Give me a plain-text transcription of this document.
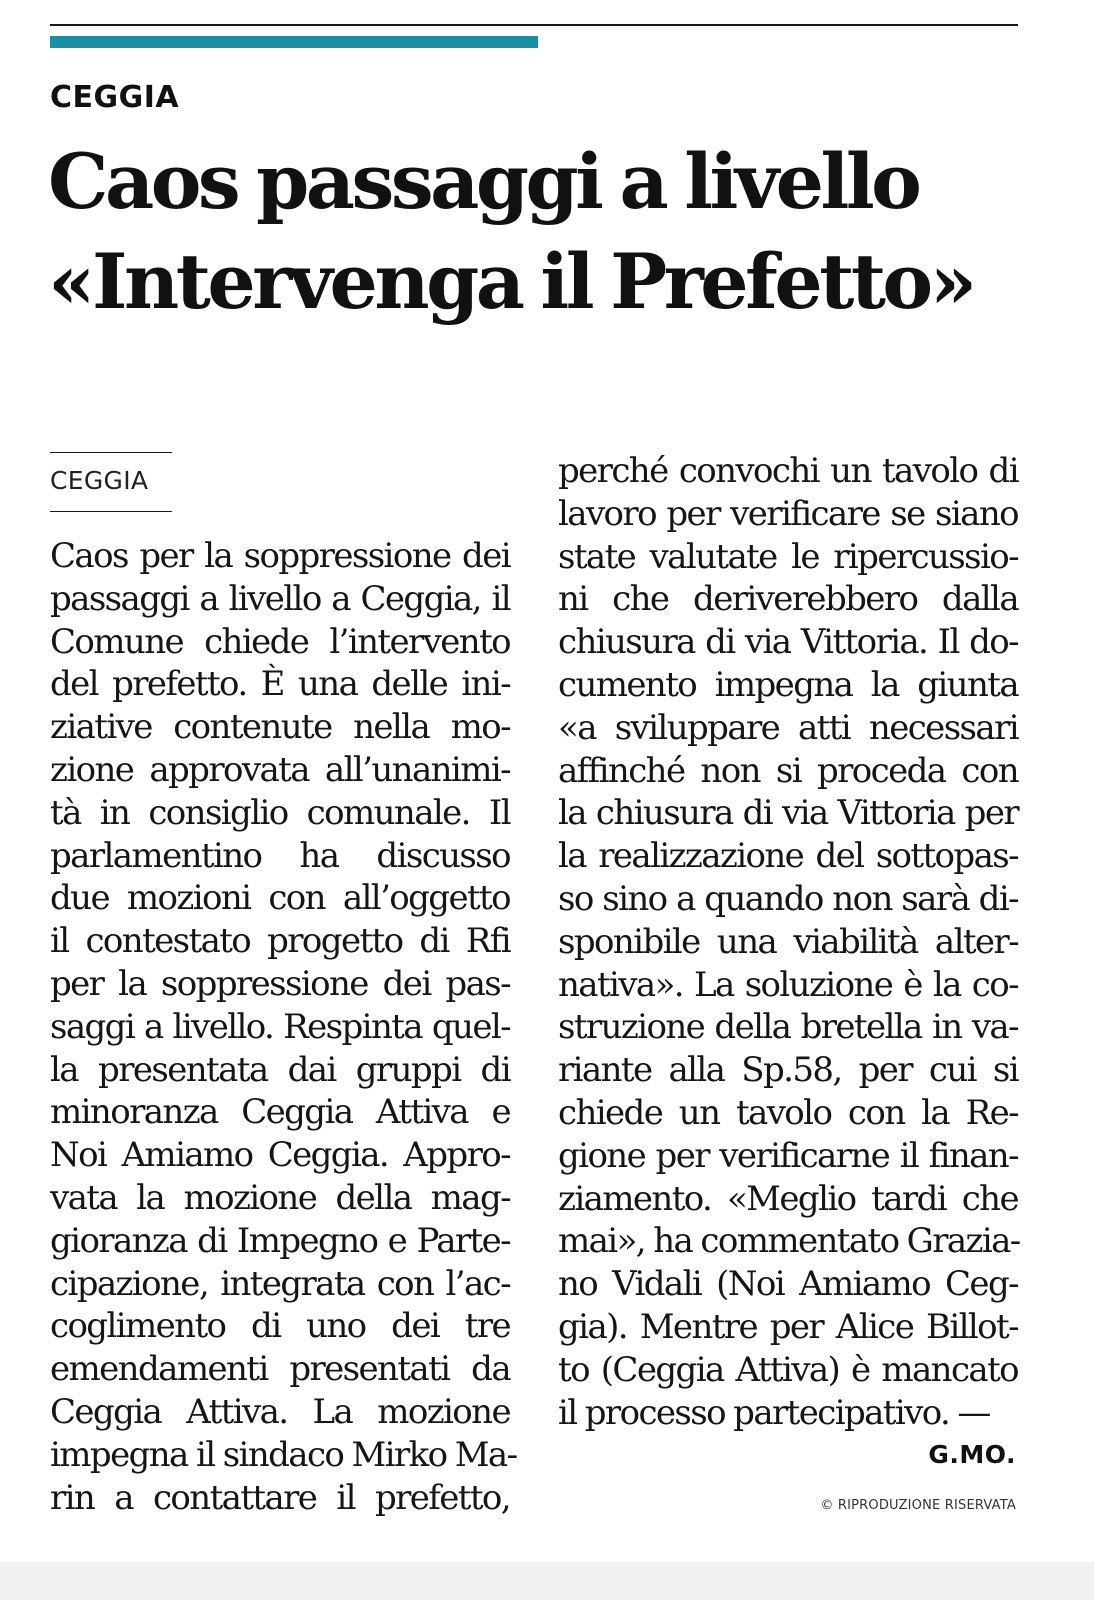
CEGGIA
Caos passaggi a livello
«Intervenga il Prefetto»
CEGGIA
Caos per la soppressione dei
passaggi a livello a Ceggia, il
Comune chiede l’intervento
del prefetto. È una delle ini-
ziative contenute nella mo-
zione approvata all’unanimi-
tà in consiglio comunale. Il
parlamentino ha discusso
due mozioni con all’oggetto
il contestato progetto di Rfi
per la soppressione dei pas-
saggi a livello. Respinta quel-
la presentata dai gruppi di
minoranza Ceggia Attiva e
Noi Amiamo Ceggia. Appro-
vata la mozione della mag-
gioranza di Impegno e Parte-
cipazione, integrata con l’ac-
coglimento di uno dei tre
emendamenti presentati da
Ceggia Attiva. La mozione
impegna il sindaco Mirko Ma-
rin a contattare il prefetto,
perché convochi un tavolo di
lavoro per verificare se siano
state valutate le ripercussio-
ni che deriverebbero dalla
chiusura di via Vittoria. Il do-
cumento impegna la giunta
«a sviluppare atti necessari
affinché non si proceda con
la chiusura di via Vittoria per
la realizzazione del sottopas-
so sino a quando non sarà di-
sponibile una viabilità alter-
nativa». La soluzione è la co-
struzione della bretella in va-
riante alla Sp.58, per cui si
chiede un tavolo con la Re-
gione per verificarne il finan-
ziamento. «Meglio tardi che
mai», ha commentato Grazia-
no Vidali (Noi Amiamo Ceg-
gia). Mentre per Alice Billot-
to (Ceggia Attiva) è mancato
il processo partecipativo. —
G.MO.
© RIPRODUZIONE RISERVATA
